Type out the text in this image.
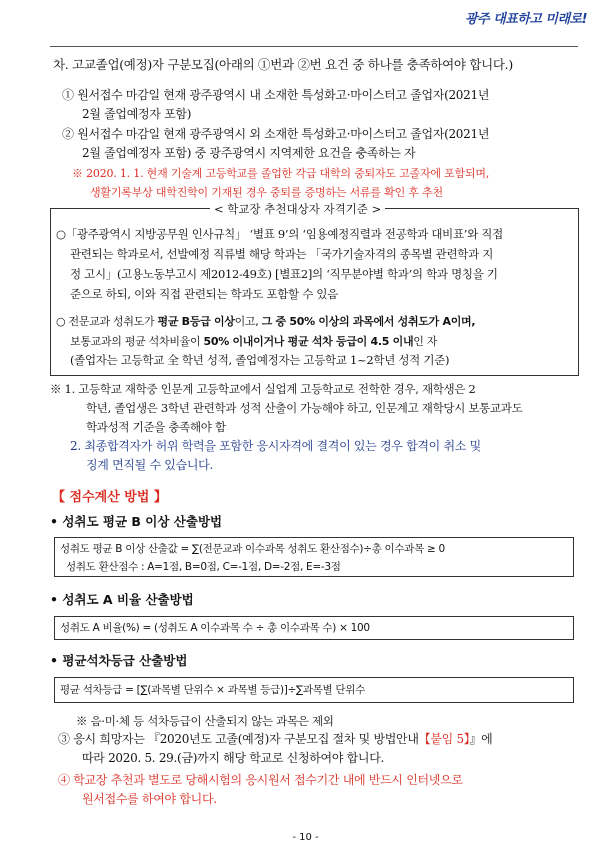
광주 대표하고 미래로!
차. 고교졸업(예정)자 구분모집(아래의 ①번과 ②번 요건 중 하나를 충족하여야 합니다.)
① 원서접수 마감일 현재 광주광역시 내 소재한 특성화고·마이스터고 졸업자(2021년
2월 졸업예정자 포함)
② 원서접수 마감일 현재 광주광역시 외 소재한 특성화고·마이스터고 졸업자(2021년
2월 졸업예정자 포함) 중 광주광역시 지역제한 요건을 충족하는 자
※ 2020. 1. 1. 현재 기술계 고등학교를 졸업한 각급 대학의 중퇴자도 고졸자에 포함되며,
생활기록부상 대학진학이 기재된 경우 중퇴를 증명하는 서류를 확인 후 추천
< 학교장 추천대상자 자격기준 >
○「광주광역시 지방공무원 인사규칙」 ‘별표 9’의 ‘임용예정직렬과 전공학과 대비표’와 직접
관련되는 학과로서, 선발예정 직류별 해당 학과는 「국가기술자격의 종목별 관련학과 지
정 고시」(고용노동부고시 제2012-49호) [별표2]의 ‘직무분야별 학과’의 학과 명칭을 기
준으로 하되, 이와 직접 관련되는 학과도 포함할 수 있음
○ 전문교과 성취도가 평균 B등급 이상이고, 그 중 50% 이상의 과목에서 성취도가 A이며,
보통교과의 평균 석차비율이 50% 이내이거나 평균 석차 등급이 4.5 이내인 자
(졸업자는 고등학교 全 학년 성적, 졸업예정자는 고등학교 1~2학년 성적 기준)
※ 1. 고등학교 재학중 인문계 고등학교에서 실업계 고등학교로 전학한 경우, 재학생은 2
학년, 졸업생은 3학년 관련학과 성적 산출이 가능해야 하고, 인문계고 재학당시 보통교과도
학과성적 기준을 충족해야 함
2. 최종합격자가 허위 학력을 포함한 응시자격에 결격이 있는 경우 합격이 취소 및
징계 면직될 수 있습니다.
【 점수계산 방법 】
• 성취도 평균 B 이상 산출방법
성취도 평균 B 이상 산출값 = ∑(전문교과 이수과목 성취도 환산점수)÷총 이수과목 ≥ 0
성취도 환산점수 : A=1점, B=0점, C=-1점, D=-2점, E=-3점
• 성취도 A 비율 산출방법
성취도 A 비율(%) = (성취도 A 이수과목 수 ÷ 총 이수과목 수) × 100
• 평균석차등급 산출방법
평균 석차등급 = [∑(과목별 단위수 × 과목별 등급)]÷∑과목별 단위수
※ 음·미·체 등 석차등급이 산출되지 않는 과목은 제외
③ 응시 희망자는 『2020년도 고졸(예정)자 구분모집 절차 및 방법안내【붙임 5】』에
따라 2020. 5. 29.(금)까지 해당 학교로 신청하여야 합니다.
④ 학교장 추천과 별도로 당해시험의 응시원서 접수기간 내에 반드시 인터넷으로
원서접수를 하여야 합니다.
- 10 -
